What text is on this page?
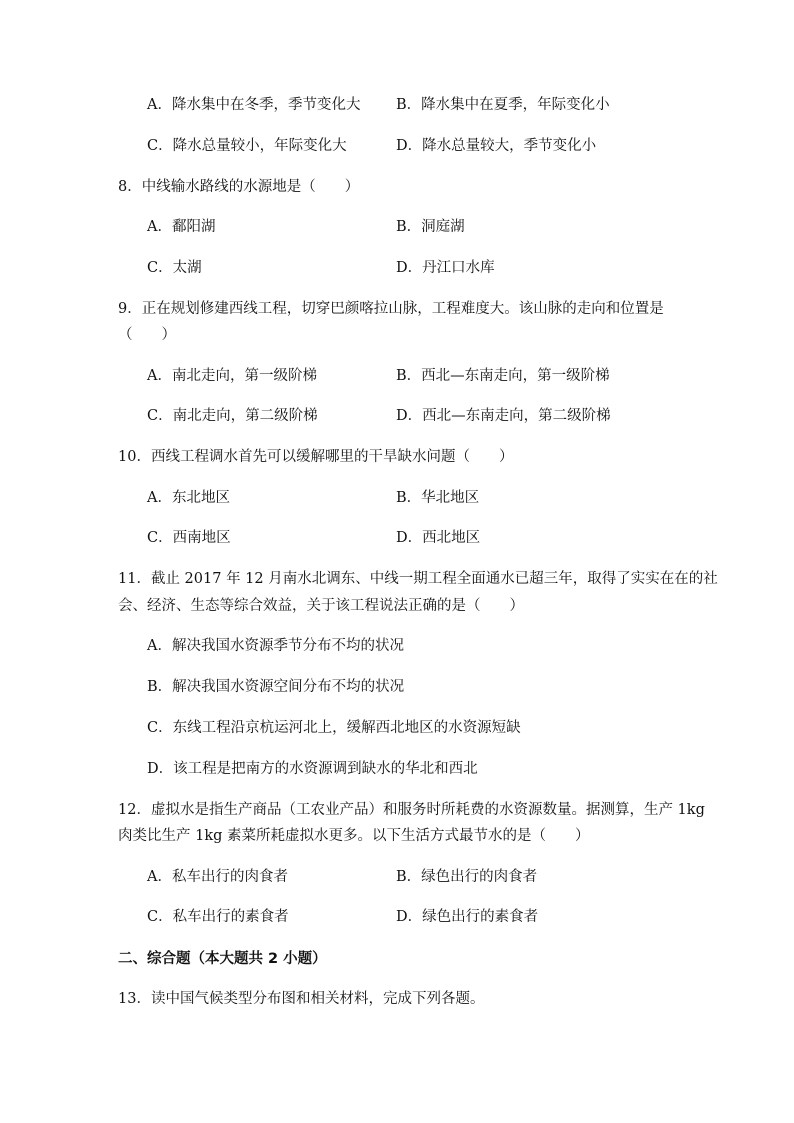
A．降水集中在冬季，季节变化大 B．降水集中在夏季，年际变化小
C．降水总量较小，年际变化大	D．降水总量较大，季节变化小
8．中线输水路线的水源地是（　　）
A．鄱阳湖	B．洞庭湖
C．太湖	D．丹江口水库
9．正在规划修建西线工程，切穿巴颜喀拉山脉，工程难度大。该山脉的走向和位置是
（　　）
A．南北走向，第一级阶梯	B．西北—东南走向，第一级阶梯
C．南北走向，第二级阶梯	D．西北—东南走向，第二级阶梯
10．西线工程调水首先可以缓解哪里的干旱缺水问题（　　）
A．东北地区	B．华北地区
C．西南地区	D．西北地区
11．截止 2017 年 12 月南水北调东、中线一期工程全面通水已超三年，取得了实实在在的社
会、经济、生态等综合效益，关于该工程说法正确的是（　　）
A．解决我国水资源季节分布不均的状况
B．解决我国水资源空间分布不均的状况
C．东线工程沿京杭运河北上，缓解西北地区的水资源短缺
D．该工程是把南方的水资源调到缺水的华北和西北
12．虚拟水是指生产商品（工农业产品）和服务时所耗费的水资源数量。据测算，生产 1kg
肉类比生产 1kg 素菜所耗虚拟水更多。以下生活方式最节水的是（　　）
A．私车出行的肉食者	B．绿色出行的肉食者
C．私车出行的素食者	D．绿色出行的素食者
二、综合题（本大题共 2 小题）
13．读中国气候类型分布图和相关材料，完成下列各题。
